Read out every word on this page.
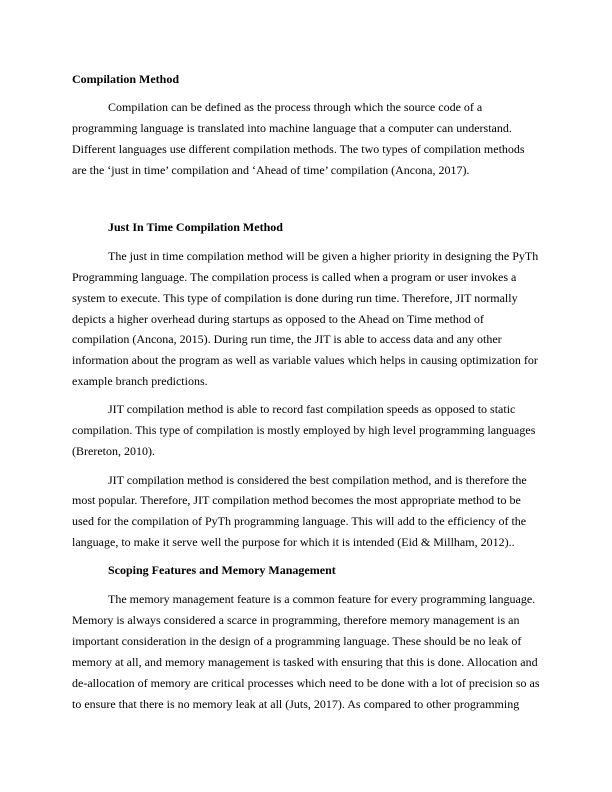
Compilation Method

Compilation can be defined as the process through which the source code of a

programming language is translated into machine language that a computer can understand.

Different languages use different compilation methods. The two types of compilation methods

are the ‘just in time’ compilation and ‘Ahead of time’ compilation (Ancona, 2017).

Just In Time Compilation Method

The just in time compilation method will be given a higher priority in designing the PyTh

Programming language. The compilation process is called when a program or user invokes a

system to execute. This type of compilation is done during run time. Therefore, JIT normally

depicts a higher overhead during startups as opposed to the Ahead on Time method of

compilation (Ancona, 2015). During run time, the JIT is able to access data and any other

information about the program as well as variable values which helps in causing optimization for

example branch predictions.

JIT compilation method is able to record fast compilation speeds as opposed to static

compilation. This type of compilation is mostly employed by high level programming languages

(Brereton, 2010).

JIT compilation method is considered the best compilation method, and is therefore the

most popular. Therefore, JIT compilation method becomes the most appropriate method to be

used for the compilation of PyTh programming language. This will add to the efficiency of the

language, to make it serve well the purpose for which it is intended (Eid & Millham, 2012)..

Scoping Features and Memory Management

The memory management feature is a common feature for every programming language.

Memory is always considered a scarce in programming, therefore memory management is an

important consideration in the design of a programming language. These should be no leak of

memory at all, and memory management is tasked with ensuring that this is done. Allocation and

de-allocation of memory are critical processes which need to be done with a lot of precision so as

to ensure that there is no memory leak at all (Juts, 2017). As compared to other programming
